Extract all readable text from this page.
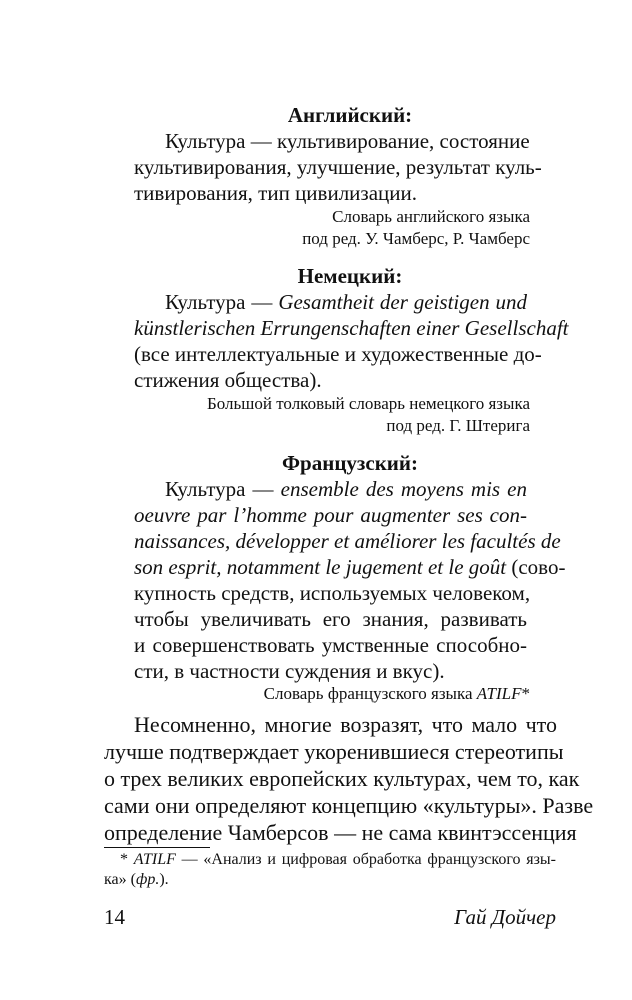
Английский:
Культура — культивирование, состояние
культивирования, улучшение, результат куль-
тивирования, тип цивилизации.
Словарь английского языка
под ред. У. Чамберс, Р. Чамберс
Немецкий:
Культура — Gesamtheit der geistigen und
künstlerischen Errungenschaften einer Gesellschaft
(все интеллектуальные и художественные до-
стижения общества).
Большой толковый словарь немецкого языка
под ред. Г. Штерига
Французский:
Культура — ensemble des moyens mis en
oeuvre par l’homme pour augmenter ses con-
naissances, développer et améliorer les facultés de
son esprit, notamment le jugement et le goût (сово-
купность средств, используемых человеком,
чтобы увеличивать его знания, развивать
и совершенствовать умственные способно-
сти, в частности суждения и вкус).
Словарь французского языка ATILF*
Несомненно, многие возразят, что мало что
лучше подтверждает укоренившиеся стереотипы
о трех великих европейских культурах, чем то, как
сами они определяют концепцию «культуры». Разве
определение Чамберсов — не сама квинтэссенция
* ATILF — «Анализ и цифровая обработка французского язы-
ка» (фр.).
14	Гай Дойчер
